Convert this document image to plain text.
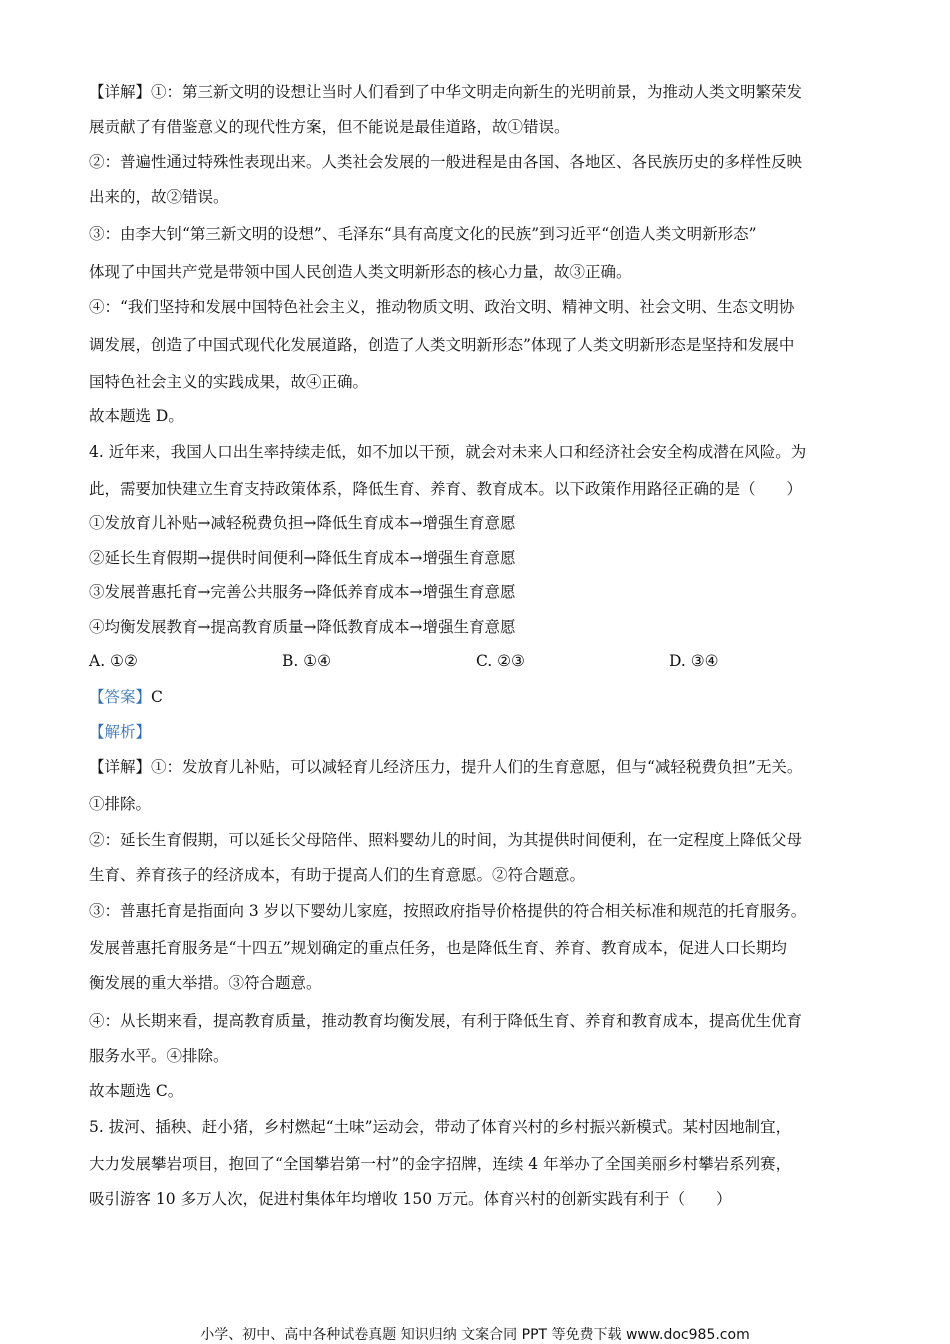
【详解】①：第三新文明的设想让当时人们看到了中华文明走向新生的光明前景，为推动人类文明繁荣发
展贡献了有借鉴意义的现代性方案，但不能说是最佳道路，故①错误。
②：普遍性通过特殊性表现出来。人类社会发展的一般进程是由各国、各地区、各民族历史的多样性反映
出来的，故②错误。
③：由李大钊“第三新文明的设想”、毛泽东“具有高度文化的民族”到习近平“创造人类文明新形态”
体现了中国共产党是带领中国人民创造人类文明新形态的核心力量，故③正确。
④：“我们坚持和发展中国特色社会主义，推动物质文明、政治文明、精神文明、社会文明、生态文明协
调发展，创造了中国式现代化发展道路，创造了人类文明新形态”体现了人类文明新形态是坚持和发展中
国特色社会主义的实践成果，故④正确。
故本题选 D。
4. 近年来，我国人口出生率持续走低，如不加以干预，就会对未来人口和经济社会安全构成潜在风险。为
此，需要加快建立生育支持政策体系，降低生育、养育、教育成本。以下政策作用路径正确的是（　　）
①发放育儿补贴→减轻税费负担→降低生育成本→增强生育意愿
②延长生育假期→提供时间便利→降低生育成本→增强生育意愿
③发展普惠托育→完善公共服务→降低养育成本→增强生育意愿
④均衡发展教育→提高教育质量→降低教育成本→增强生育意愿
A. ①②	B. ①④	C. ②③	D. ③④
【答案】C
【解析】
【详解】①：发放育儿补贴，可以减轻育儿经济压力，提升人们的生育意愿，但与“减轻税费负担”无关。
①排除。
②：延长生育假期，可以延长父母陪伴、照料婴幼儿的时间，为其提供时间便利，在一定程度上降低父母
生育、养育孩子的经济成本，有助于提高人们的生育意愿。②符合题意。
③：普惠托育是指面向 3 岁以下婴幼儿家庭，按照政府指导价格提供的符合相关标准和规范的托育服务。
发展普惠托育服务是“十四五”规划确定的重点任务，也是降低生育、养育、教育成本，促进人口长期均
衡发展的重大举措。③符合题意。
④：从长期来看，提高教育质量，推动教育均衡发展，有利于降低生育、养育和教育成本，提高优生优育
服务水平。④排除。
故本题选 C。
5. 拔河、插秧、赶小猪，乡村燃起“土味”运动会，带动了体育兴村的乡村振兴新模式。某村因地制宜，
大力发展攀岩项目，抱回了“全国攀岩第一村”的金字招牌，连续 4 年举办了全国美丽乡村攀岩系列赛，
吸引游客 10 多万人次，促进村集体年均增收 150 万元。体育兴村的创新实践有利于（　　）
小学、初中、高中各种试卷真题 知识归纳 文案合同 PPT 等免费下载 www.doc985.com
